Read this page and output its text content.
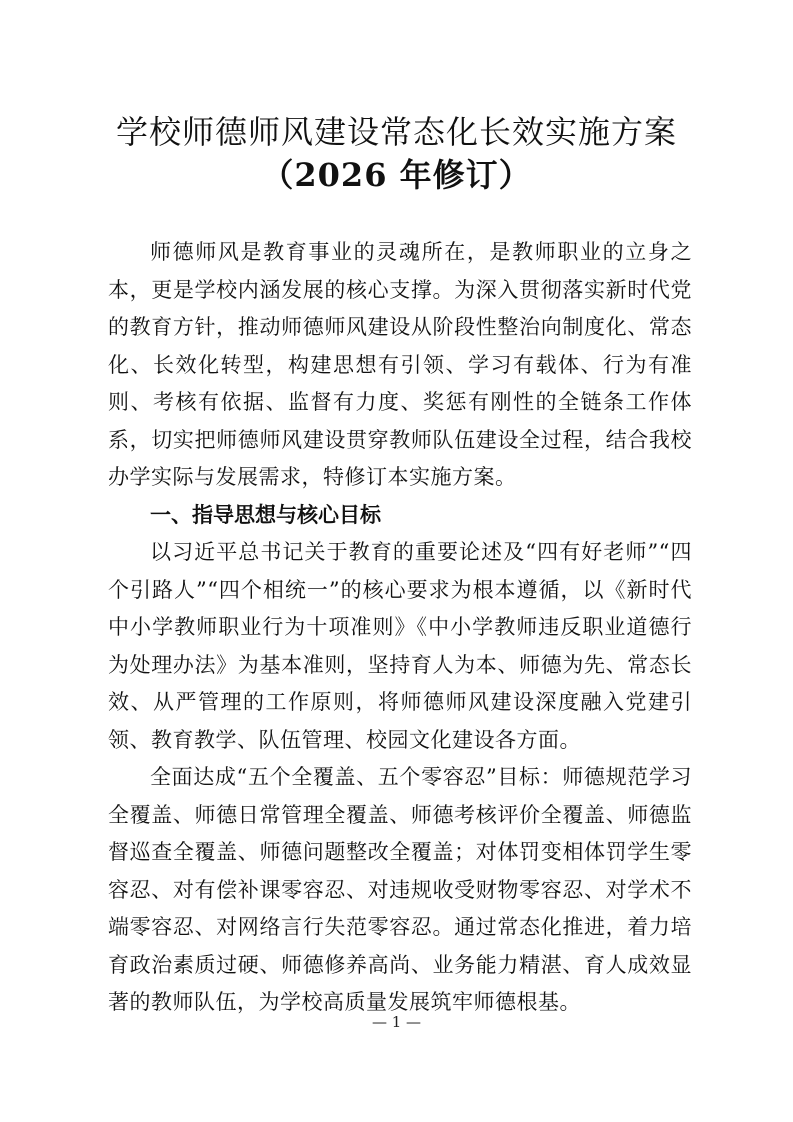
学校师德师风建设常态化长效实施方案
（2026 年修订）

师德师风是教育事业的灵魂所在，是教师职业的立身之本，更是学校内涵发展的核心支撑。为深入贯彻落实新时代党的教育方针，推动师德师风建设从阶段性整治向制度化、常态化、长效化转型，构建思想有引领、学习有载体、行为有准则、考核有依据、监督有力度、奖惩有刚性的全链条工作体系，切实把师德师风建设贯穿教师队伍建设全过程，结合我校办学实际与发展需求，特修订本实施方案。

一、指导思想与核心目标

以习近平总书记关于教育的重要论述及“四有好老师”“四个引路人”“四个相统一”的核心要求为根本遵循，以《新时代中小学教师职业行为十项准则》《中小学教师违反职业道德行为处理办法》为基本准则，坚持育人为本、师德为先、常态长效、从严管理的工作原则，将师德师风建设深度融入党建引领、教育教学、队伍管理、校园文化建设各方面。

全面达成“五个全覆盖、五个零容忍”目标：师德规范学习全覆盖、师德日常管理全覆盖、师德考核评价全覆盖、师德监督巡查全覆盖、师德问题整改全覆盖；对体罚变相体罚学生零容忍、对有偿补课零容忍、对违规收受财物零容忍、对学术不端零容忍、对网络言行失范零容忍。通过常态化推进，着力培育政治素质过硬、师德修养高尚、业务能力精湛、育人成效显著的教师队伍，为学校高质量发展筑牢师德根基。

— 1 —
